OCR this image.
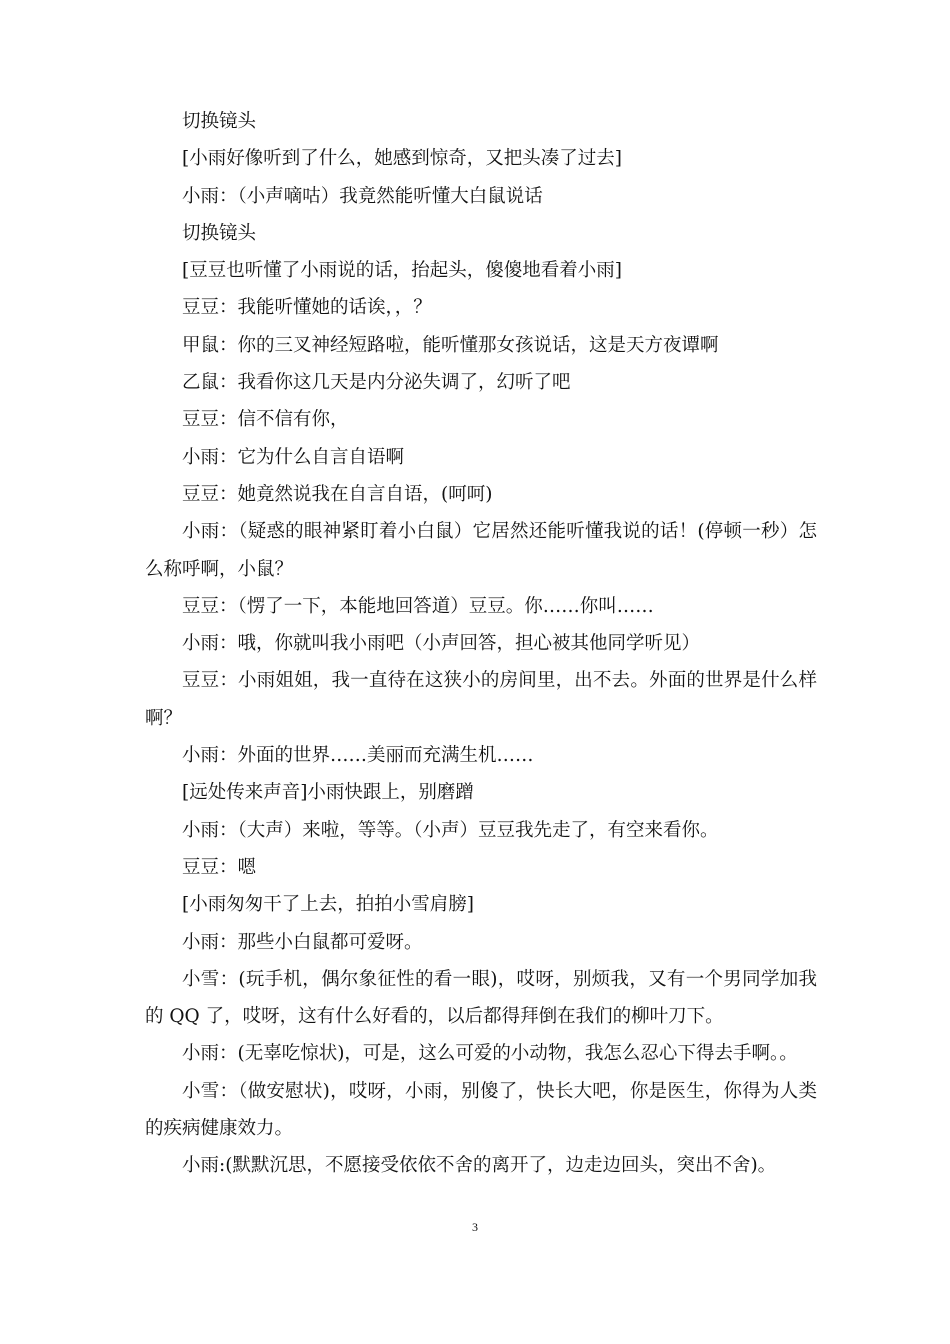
切换镜头

[小雨好像听到了什么，她感到惊奇，又把头凑了过去]

小雨：（小声嘀咕）我竟然能听懂大白鼠说话

切换镜头

[豆豆也听懂了小雨说的话，抬起头，傻傻地看着小雨]

豆豆：我能听懂她的话诶，，？

甲鼠：你的三叉神经短路啦，能听懂那女孩说话，这是天方夜谭啊

乙鼠：我看你这几天是内分泌失调了，幻听了吧

豆豆：信不信有你，

小雨：它为什么自言自语啊

豆豆：她竟然说我在自言自语，(呵呵)

小雨：（疑惑的眼神紧盯着小白鼠）它居然还能听懂我说的话！(停顿一秒）怎么称呼啊，小鼠？

豆豆：（愣了一下，本能地回答道）豆豆。你……你叫……

小雨：哦，你就叫我小雨吧（小声回答，担心被其他同学听见）

豆豆：小雨姐姐，我一直待在这狭小的房间里，出不去。外面的世界是什么样啊？

小雨：外面的世界……美丽而充满生机……

[远处传来声音]小雨快跟上，别磨蹭

小雨：（大声）来啦，等等。（小声）豆豆我先走了，有空来看你。

豆豆：嗯

[小雨匆匆干了上去，拍拍小雪肩膀]

小雨：那些小白鼠都可爱呀。

小雪：(玩手机，偶尔象征性的看一眼)，哎呀，别烦我，又有一个男同学加我的 QQ 了，哎呀，这有什么好看的，以后都得拜倒在我们的柳叶刀下。

小雨：(无辜吃惊状)，可是，这么可爱的小动物，我怎么忍心下得去手啊。。

小雪：（做安慰状)，哎呀，小雨，别傻了，快长大吧，你是医生，你得为人类的疾病健康效力。

小雨:(默默沉思，不愿接受依依不舍的离开了，边走边回头，突出不舍)。

3
